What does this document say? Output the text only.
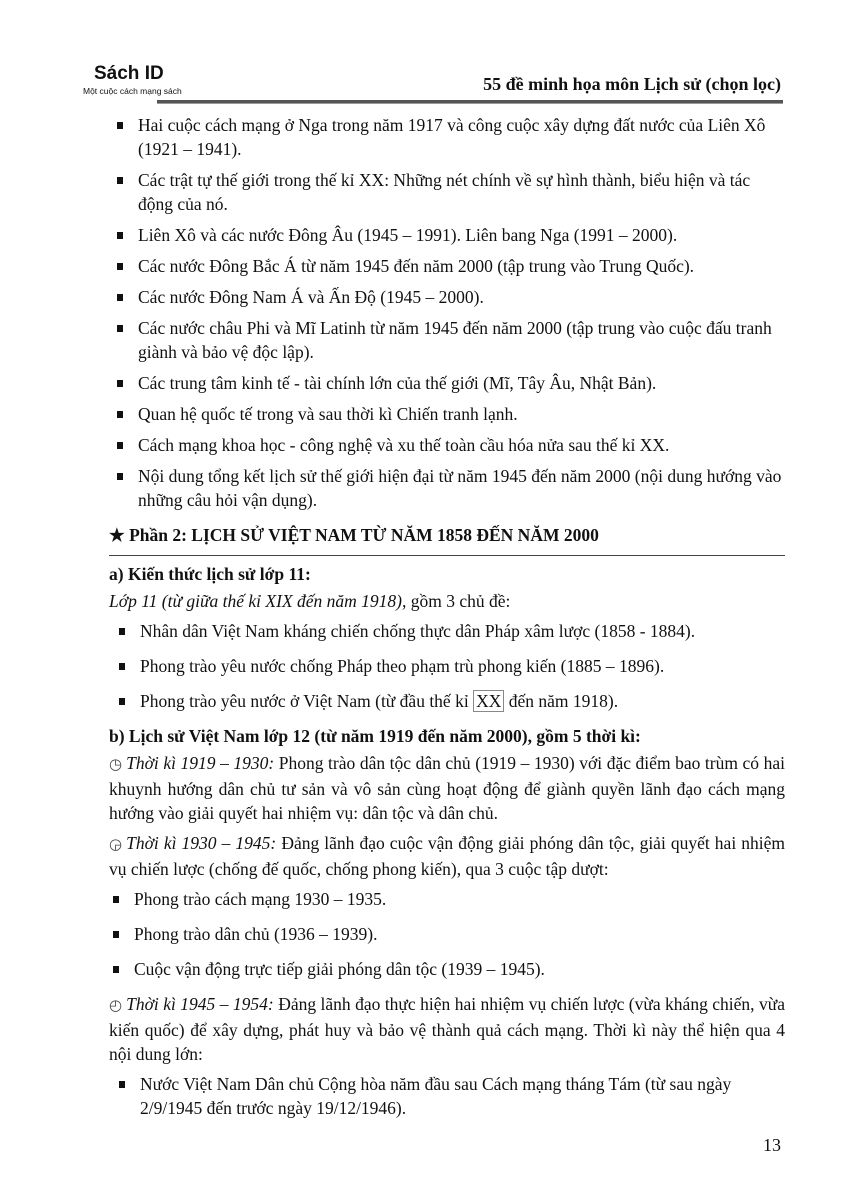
Sách ID
Một cuộc cách mạng sách	55 đề minh họa môn Lịch sử (chọn lọc)
Hai cuộc cách mạng ở Nga trong năm 1917 và công cuộc xây dựng đất nước của Liên Xô (1921 – 1941).
Các trật tự thế giới trong thế kỉ XX: Những nét chính về sự hình thành, biểu hiện và tác động của nó.
Liên Xô và các nước Đông Âu (1945 – 1991). Liên bang Nga (1991 – 2000).
Các nước Đông Bắc Á từ năm 1945 đến năm 2000 (tập trung vào Trung Quốc).
Các nước Đông Nam Á và Ấn Độ (1945 – 2000).
Các nước châu Phi và Mĩ Latinh từ năm 1945 đến năm 2000 (tập trung vào cuộc đấu tranh giành và bảo vệ độc lập).
Các trung tâm kinh tế - tài chính lớn của thế giới (Mĩ, Tây Âu, Nhật Bản).
Quan hệ quốc tế trong và sau thời kì Chiến tranh lạnh.
Cách mạng khoa học - công nghệ và xu thế toàn cầu hóa nửa sau thế kỉ XX.
Nội dung tổng kết lịch sử thế giới hiện đại từ năm 1945 đến năm 2000 (nội dung hướng vào những câu hỏi vận dụng).
★ Phần 2: LỊCH SỬ VIỆT NAM TỪ NĂM 1858 ĐẾN NĂM 2000
a) Kiến thức lịch sử lớp 11:
Lớp 11 (từ giữa thế kỉ XIX đến năm 1918), gồm 3 chủ đề:
Nhân dân Việt Nam kháng chiến chống thực dân Pháp xâm lược (1858 - 1884).
Phong trào yêu nước chống Pháp theo phạm trù phong kiến (1885 – 1896).
Phong trào yêu nước ở Việt Nam (từ đầu thế kỉ XX đến năm 1918).
b) Lịch sử Việt Nam lớp 12 (từ năm 1919 đến năm 2000), gồm 5 thời kì:
◷ Thời kì 1919 – 1930: Phong trào dân tộc dân chủ (1919 – 1930) với đặc điểm bao trùm có hai khuynh hướng dân chủ tư sản và vô sản cùng hoạt động để giành quyền lãnh đạo cách mạng hướng vào giải quyết hai nhiệm vụ: dân tộc và dân chủ.
◶ Thời kì 1930 – 1945: Đảng lãnh đạo cuộc vận động giải phóng dân tộc, giải quyết hai nhiệm vụ chiến lược (chống đế quốc, chống phong kiến), qua 3 cuộc tập dượt:
Phong trào cách mạng 1930 – 1935.
Phong trào dân chủ (1936 – 1939).
Cuộc vận động trực tiếp giải phóng dân tộc (1939 – 1945).
◴ Thời kì 1945 – 1954: Đảng lãnh đạo thực hiện hai nhiệm vụ chiến lược (vừa kháng chiến, vừa kiến quốc) để xây dựng, phát huy và bảo vệ thành quả cách mạng. Thời kì này thể hiện qua 4 nội dung lớn:
Nước Việt Nam Dân chủ Cộng hòa năm đầu sau Cách mạng tháng Tám (từ sau ngày 2/9/1945 đến trước ngày 19/12/1946).
13
